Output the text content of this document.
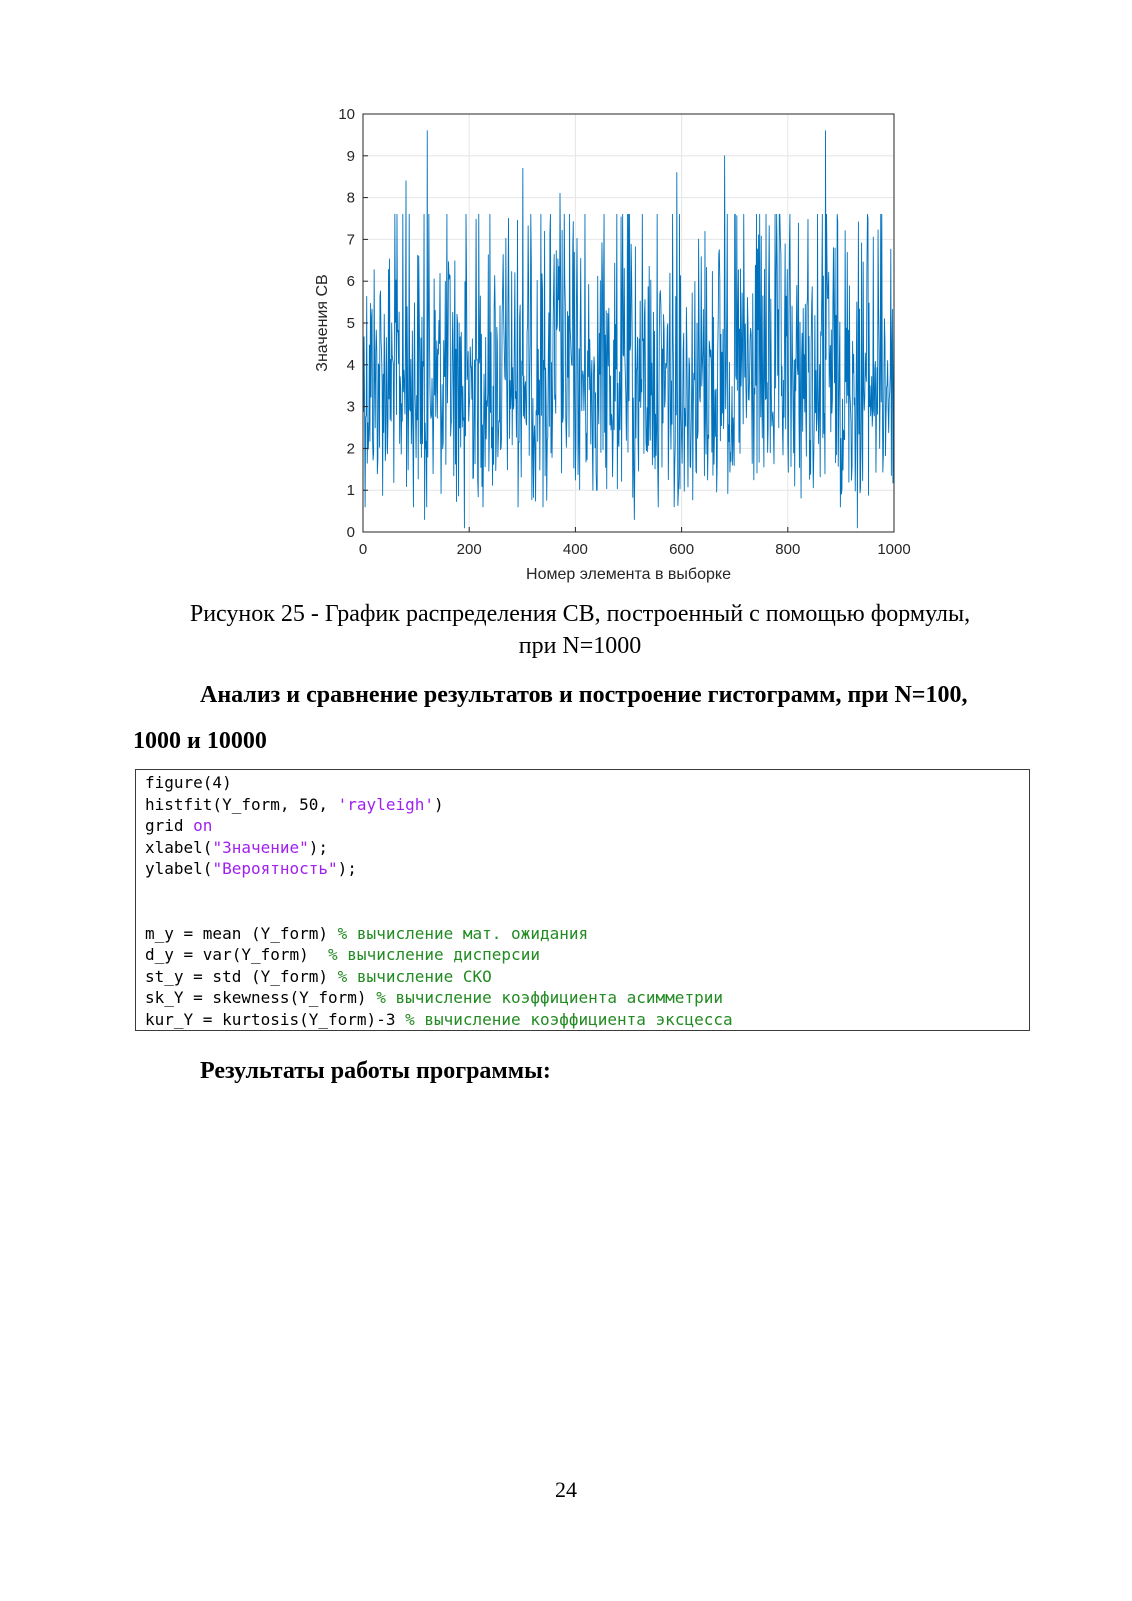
0
1
2
3
4
5
6
7
8
9
10
0	200	400	600	800	1000
Номер элемента в выборке
Значения СВ
Рисунок 25 - График распределения СВ, построенный с помощью формулы,
при N=1000
Анализ и сравнение результатов и построение гистограмм, при N=100,
1000 и 10000
figure(4)
histfit(Y_form, 50, 'rayleigh')
grid on
xlabel("Значение");
ylabel("Вероятность");
m_y = mean (Y_form) % вычисление мат. ожидания
d_y = var(Y_form)  % вычисление дисперсии
st_y = std (Y_form) % вычисление СКО
sk_Y = skewness(Y_form) % вычисление коэффициента асимметрии
kur_Y = kurtosis(Y_form)-3 % вычисление коэффициента эксцесса
Результаты работы программы:
24
